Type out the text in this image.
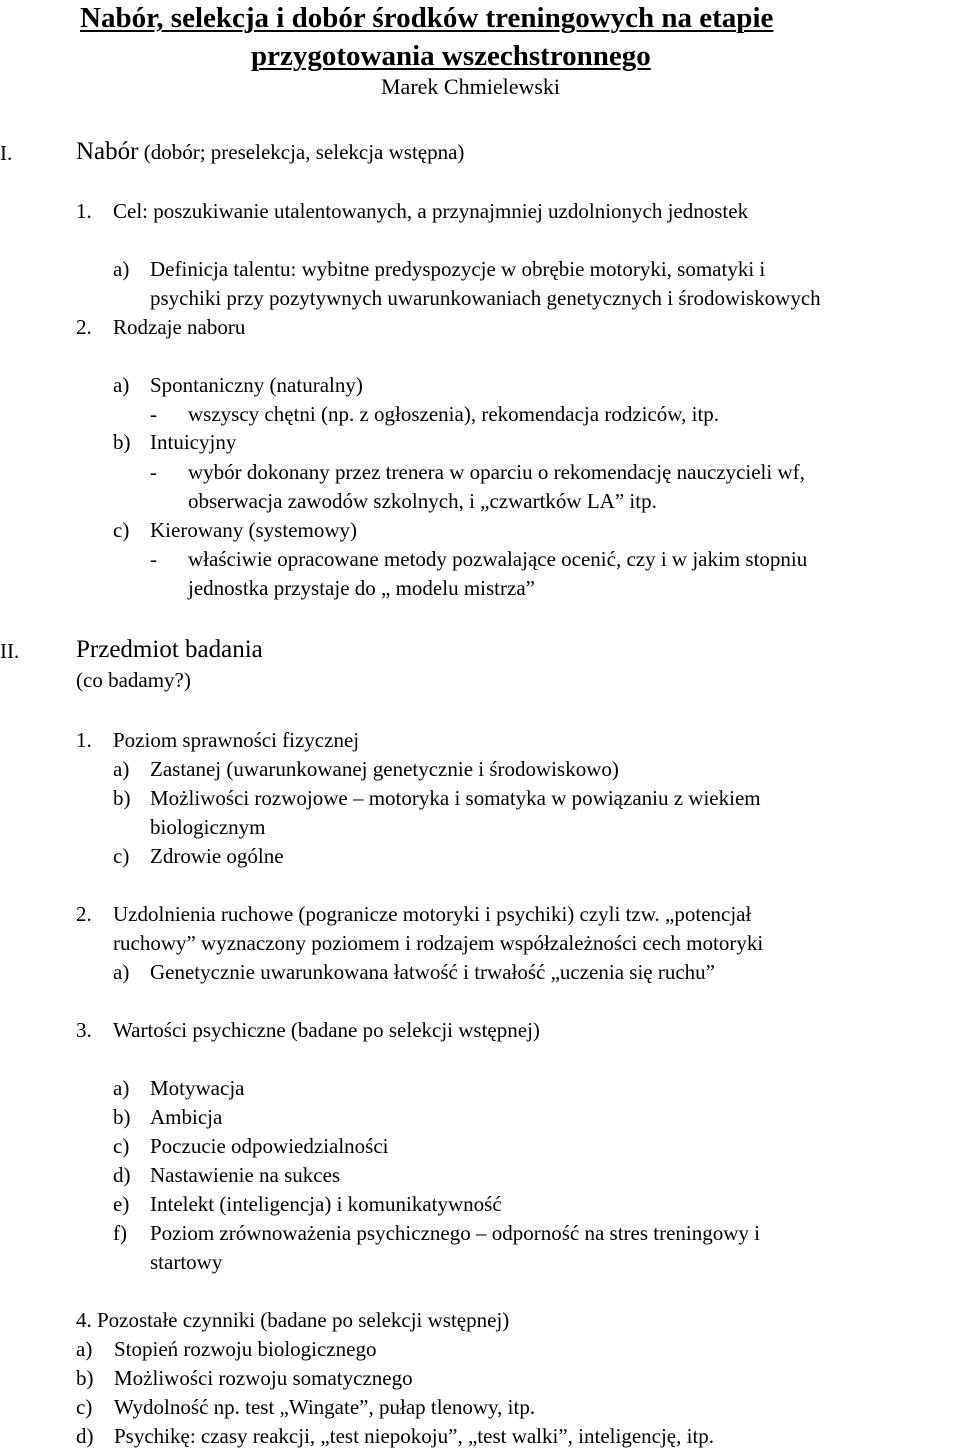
Nabór, selekcja i dobór środków treningowych na etapie
przygotowania wszechstronnego
Marek Chmielewski
I.	Nabór (dobór; preselekcja, selekcja wstępna)
1. Cel: poszukiwanie utalentowanych, a przynajmniej uzdolnionych jednostek
a) Definicja talentu: wybitne predyspozycje w obrębie motoryki, somatyki i
psychiki przy pozytywnych uwarunkowaniach genetycznych i środowiskowych
2. Rodzaje naboru
a) Spontaniczny (naturalny)
- wszyscy chętni (np. z ogłoszenia), rekomendacja rodziców, itp.
b) Intuicyjny
- wybór dokonany przez trenera w oparciu o rekomendację nauczycieli wf,
obserwacja zawodów szkolnych, i „czwartków LA” itp.
c) Kierowany (systemowy)
- właściwie opracowane metody pozwalające ocenić, czy i w jakim stopniu
jednostka przystaje do „ modelu mistrza”
II. Przedmiot badania
(co badamy?)
1. Poziom sprawności fizycznej
a) Zastanej (uwarunkowanej genetycznie i środowiskowo)
b) Możliwości rozwojowe – motoryka i somatyka w powiązaniu z wiekiem
biologicznym
c) Zdrowie ogólne
2. Uzdolnienia ruchowe (pogranicze motoryki i psychiki) czyli tzw. „potencjał
ruchowy” wyznaczony poziomem i rodzajem współzależności cech motoryki
a) Genetycznie uwarunkowana łatwość i trwałość „uczenia się ruchu”
3. Wartości psychiczne (badane po selekcji wstępnej)
a) Motywacja
b) Ambicja
c) Poczucie odpowiedzialności
d) Nastawienie na sukces
e) Intelekt (inteligencja) i komunikatywność
f) Poziom zrównoważenia psychicznego – odporność na stres treningowy i
startowy
4. Pozostałe czynniki (badane po selekcji wstępnej)
a) Stopień rozwoju biologicznego
b) Możliwości rozwoju somatycznego
c) Wydolność np. test „Wingate”, pułap tlenowy, itp.
d) Psychikę: czasy reakcji, „test niepokoju”, „test walki”, inteligencję, itp.
